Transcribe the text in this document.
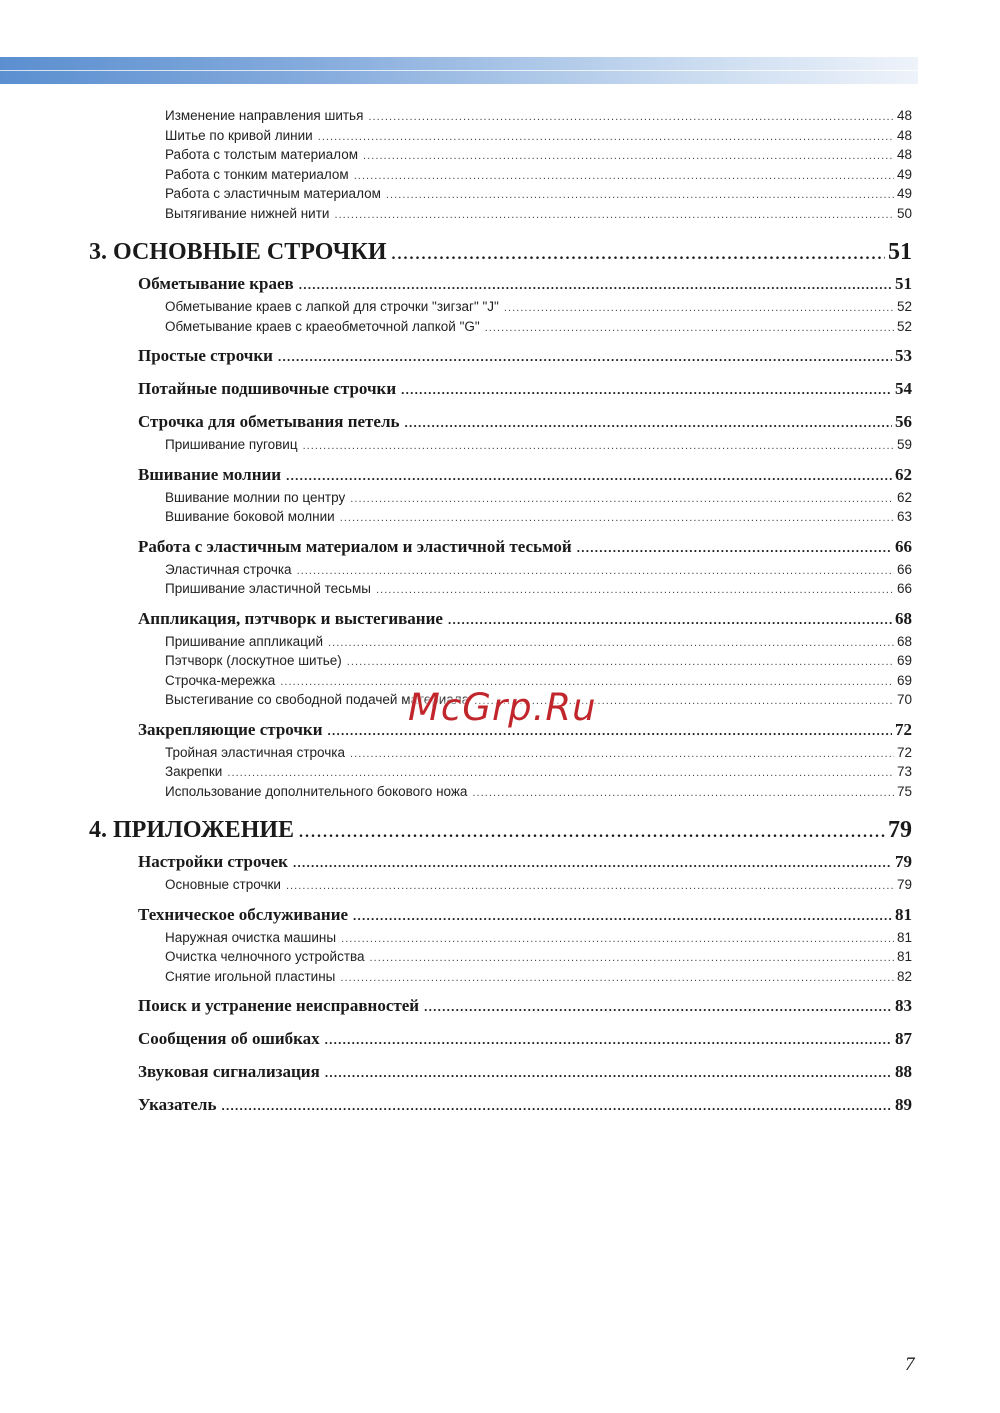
Изменение направления шитья . . .	48
Шитье по кривой линии . . .	48
Работа с толстым материалом . . .	48
Работа с тонким материалом . . .	49
Работа с эластичным материалом . . .	49
Вытягивание нижней нити . . .	50
3. ОСНОВНЫЕ СТРОЧКИ . . .	51
Обметывание краев . . .	51
Обметывание краев с лапкой для строчки "зигзаг" "J" . . .	52
Обметывание краев с краеобметочной лапкой "G" . . .	52
Простые строчки . . .	53
Потайные подшивочные строчки . . .	54
Строчка для обметывания петель . . .	56
Пришивание пуговиц . . .	59
Вшивание молнии . . .	62
Вшивание молнии по центру . . .	62
Вшивание боковой молнии . . .	63
Работа с эластичным материалом и эластичной тесьмой . . .	66
Эластичная строчка . . .	66
Пришивание эластичной тесьмы . . .	66
Аппликация, пэтчворк и выстегивание . . .	68
Пришивание аппликаций . . .	68
Пэтчворк (лоскутное шитье) . . .	69
Строчка-мережка . . .	69
Выстегивание со свободной подачей материала . . .	70
Закрепляющие строчки . . .	72
Тройная эластичная строчка . . .	72
Закрепки . . .	73
Использование дополнительного бокового ножа . . .	75
4. ПРИЛОЖЕНИЕ . . .	79
Настройки строчек . . .	79
Основные строчки . . .	79
Техническое обслуживание . . .	81
Наружная очистка машины . . .	81
Очистка челночного устройства . . .	81
Снятие игольной пластины . . .	82
Поиск и устранение неисправностей . . .	83
Сообщения об ошибках . . .	87
Звуковая сигнализация . . .	88
Указатель . . .	89
McGrp.Ru
7
